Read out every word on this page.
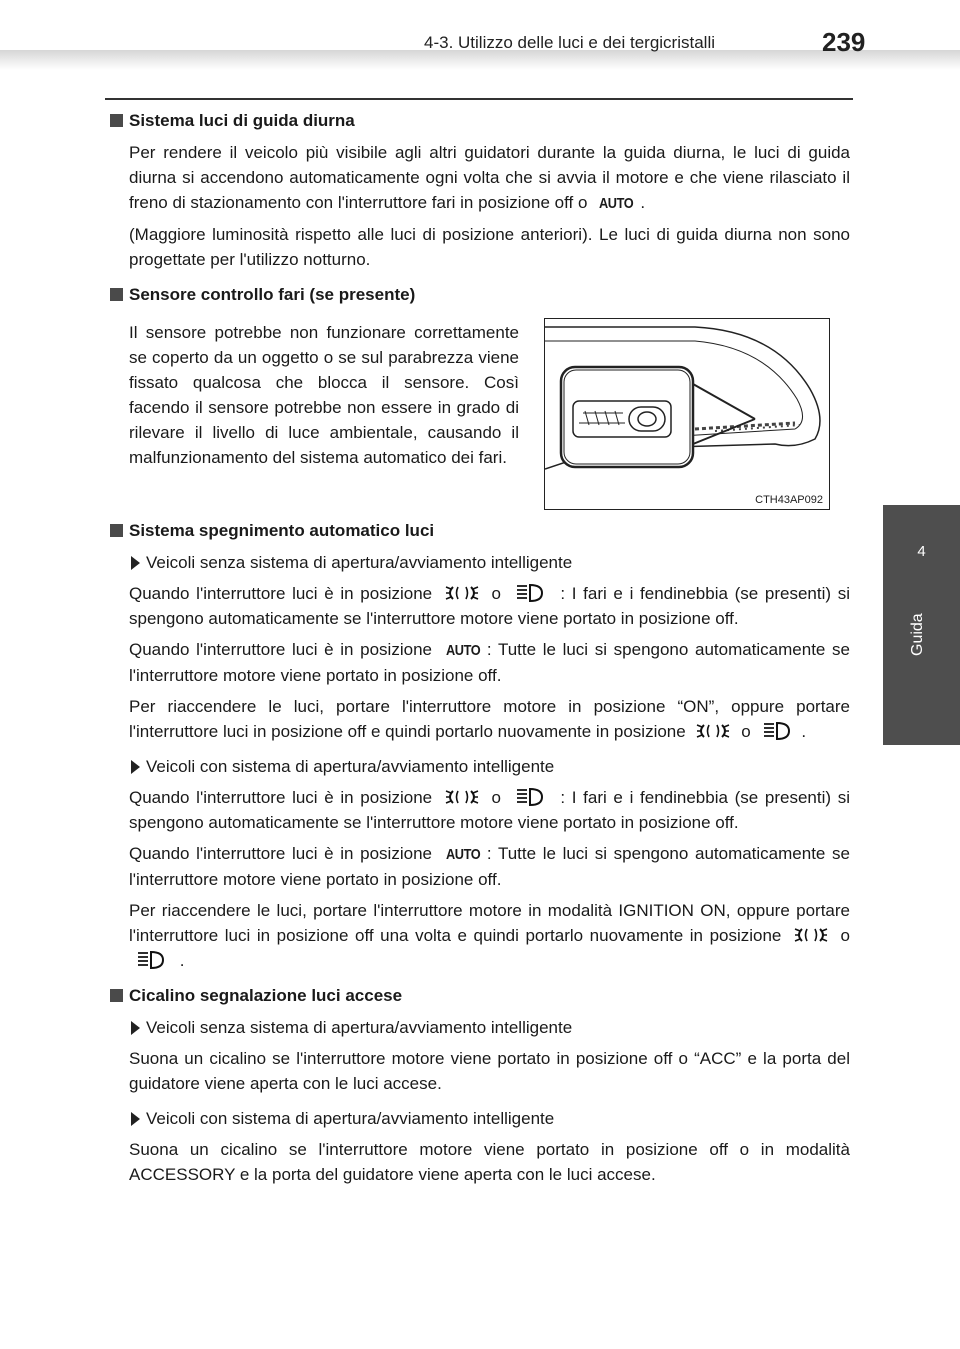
4-3. Utilizzo delle luci e dei tergicristalli	239
4
Guida

Sistema luci di guida diurna

Per rendere il veicolo più visibile agli altri guidatori durante la guida diurna, le luci di guida diurna si accendono automaticamente ogni volta che si avvia il motore e che viene rilasciato il freno di stazionamento con l'interruttore fari in posizione off o AUTO .

(Maggiore luminosità rispetto alle luci di posizione anteriori). Le luci di guida diurna non sono progettate per l'utilizzo notturno.

Sensore controllo fari (se presente)

Il sensore potrebbe non funzionare correttamente se coperto da un oggetto o se sul parabrezza viene fissato qualcosa che blocca il sensore. Così facendo il sensore potrebbe non essere in grado di rilevare il livello di luce ambientale, causando il malfunzionamento del sistema automatico dei fari.

CTH43AP092

Sistema spegnimento automatico luci

Veicoli senza sistema di apertura/avviamento intelligente

Quando l'interruttore luci è in posizione	o	: I fari e i fendinebbia (se presenti) si spengono automaticamente se l'interruttore motore viene portato in posizione off.

Quando l'interruttore luci è in posizione AUTO : Tutte le luci si spengono automaticamente se l'interruttore motore viene portato in posizione off.

Per riaccendere le luci, portare l'interruttore motore in posizione “ON”, oppure portare l'interruttore luci in posizione off e quindi portarlo nuovamente in posizione	o	.

Veicoli con sistema di apertura/avviamento intelligente

Quando l'interruttore luci è in posizione	o	: I fari e i fendinebbia (se presenti) si spengono automaticamente se l'interruttore motore viene portato in posizione off.

Quando l'interruttore luci è in posizione AUTO : Tutte le luci si spengono automaticamente se l'interruttore motore viene portato in posizione off.

Per riaccendere le luci, portare l'interruttore motore in modalità IGNITION ON, oppure portare l'interruttore luci in posizione off una volta e quindi portarlo nuovamente in posizione	o  .

Cicalino segnalazione luci accese

Veicoli senza sistema di apertura/avviamento intelligente

Suona un cicalino se l'interruttore motore viene portato in posizione off o “ACC” e la porta del guidatore viene aperta con le luci accese.

Veicoli con sistema di apertura/avviamento intelligente

Suona un cicalino se l'interruttore motore viene portato in posizione off o in modalità ACCESSORY e la porta del guidatore viene aperta con le luci accese.
